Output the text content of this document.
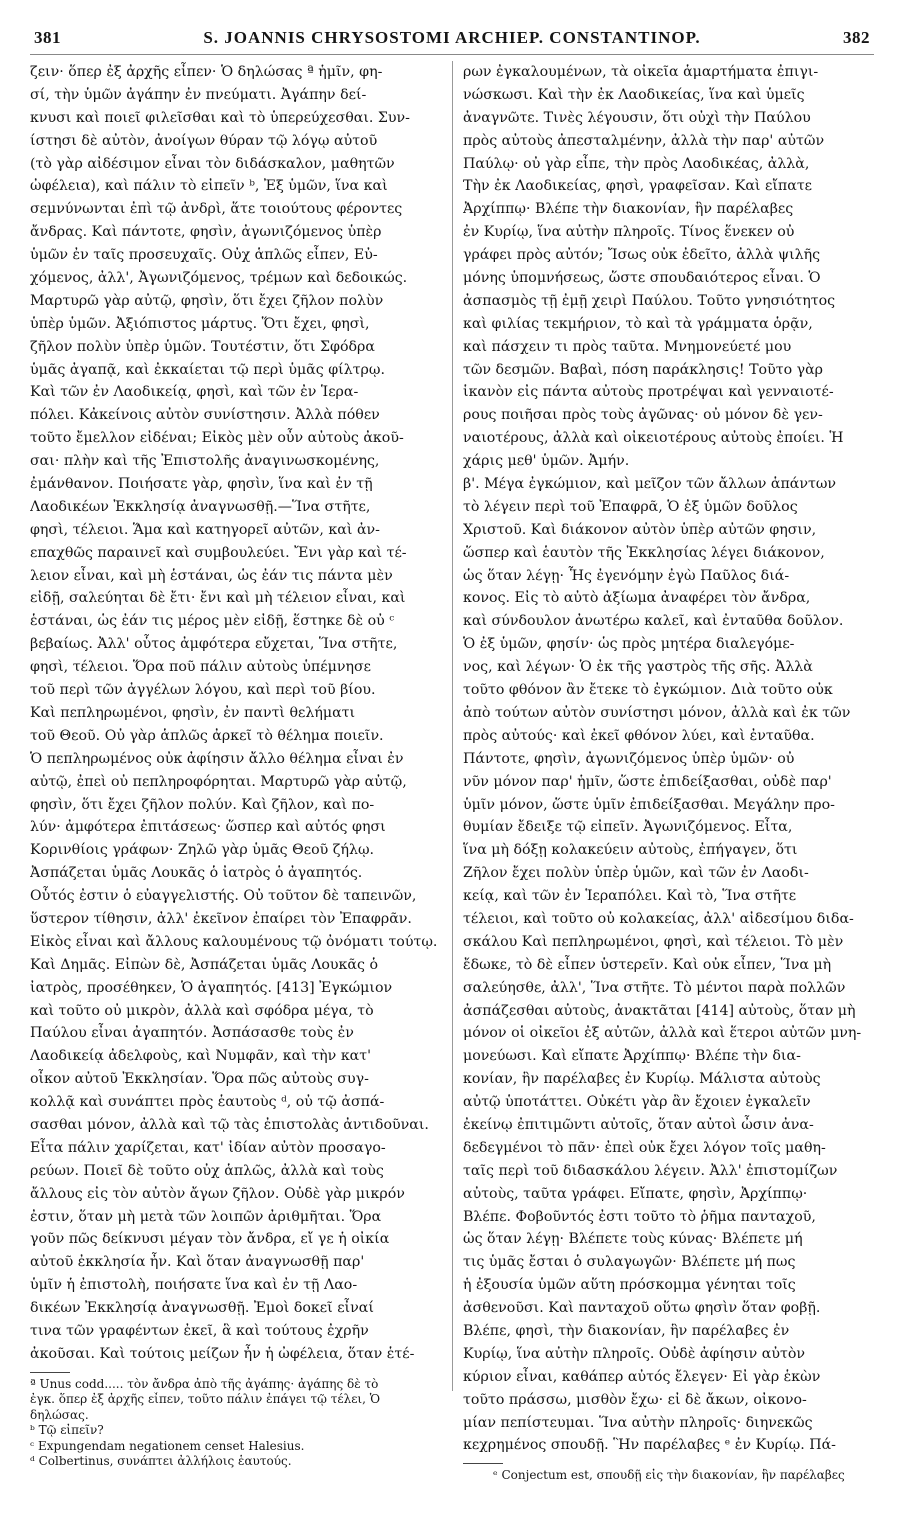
381	S. JOANNIS CHRYSOSTOMI ARCHIEP. CONSTANTINOP.	382
ζειν· ὅπερ ἐξ ἀρχῆς εἶπεν· Ὁ δηλώσας ª ἡμῖν, φη-
σί, τὴν ὑμῶν ἀγάπην ἐν πνεύματι. Ἀγάπην δεί-
κνυσι καὶ ποιεῖ φιλεῖσθαι καὶ τὸ ὑπερεύχεσθαι. Συν-
ίστησι δὲ αὐτὸν, ἀνοίγων θύραν τῷ λόγῳ αὐτοῦ
(τὸ γὰρ αἰδέσιμον εἶναι τὸν διδάσκαλον, μαθητῶν
ὠφέλεια), καὶ πάλιν τὸ εἰπεῖν ᵇ, Ἐξ ὑμῶν, ἵνα καὶ
σεμνύνωνται ἐπὶ τῷ ἀνδρὶ, ἅτε τοιούτους φέροντες
ἄνδρας. Καὶ πάντοτε, φησὶν, ἀγωνιζόμενος ὑπὲρ
ὑμῶν ἐν ταῖς προσευχαῖς. Οὐχ ἁπλῶς εἶπεν, Εὐ-
χόμενος, ἀλλ', Ἀγωνιζόμενος, τρέμων καὶ δεδοικώς.
Μαρτυρῶ γὰρ αὐτῷ, φησὶν, ὅτι ἔχει ζῆλον πολὺν
ὑπὲρ ὑμῶν. Ἀξιόπιστος μάρτυς. Ὅτι ἔχει, φησὶ,
ζῆλον πολὺν ὑπὲρ ὑμῶν. Τουτέστιν, ὅτι Σφόδρα
ὑμᾶς ἀγαπᾷ, καὶ ἐκκαίεται τῷ περὶ ὑμᾶς φίλτρῳ.
Καὶ τῶν ἐν Λαοδικείᾳ, φησὶ, καὶ τῶν ἐν Ἱερα-
πόλει. Κἀκείνοις αὐτὸν συνίστησιν. Ἀλλὰ πόθεν
τοῦτο ἔμελλον εἰδέναι; Εἰκὸς μὲν οὖν αὐτοὺς ἀκοῦ-
σαι· πλὴν καὶ τῆς Ἐπιστολῆς ἀναγινωσκομένης,
ἐμάνθανον. Ποιήσατε γὰρ, φησὶν, ἵνα καὶ ἐν τῇ
Λαοδικέων Ἐκκλησίᾳ ἀναγνωσθῇ.—Ἵνα στῆτε,
φησὶ, τέλειοι. Ἅμα καὶ κατηγορεῖ αὐτῶν, καὶ ἀν-
επαχθῶς παραινεῖ καὶ συμβουλεύει. Ἔνι γὰρ καὶ τέ-
λειον εἶναι, καὶ μὴ ἑστάναι, ὡς ἐάν τις πάντα μὲν
εἰδῇ, σαλεύηται δὲ ἔτι· ἔνι καὶ μὴ τέλειον εἶναι, καὶ
ἑστάναι, ὡς ἐάν τις μέρος μὲν εἰδῇ, ἕστηκε δὲ οὐ ᶜ
βεβαίως. Ἀλλ' οὗτος ἀμφότερα εὔχεται, Ἵνα στῆτε,
φησὶ, τέλειοι. Ὅρα ποῦ πάλιν αὐτοὺς ὑπέμνησε
τοῦ περὶ τῶν ἀγγέλων λόγου, καὶ περὶ τοῦ βίου.
Καὶ πεπληρωμένοι, φησὶν, ἐν παντὶ θελήματι
τοῦ Θεοῦ. Οὐ γὰρ ἁπλῶς ἀρκεῖ τὸ θέλημα ποιεῖν.
Ὁ πεπληρωμένος οὐκ ἀφίησιν ἄλλο θέλημα εἶναι ἐν
αὐτῷ, ἐπεὶ οὐ πεπληροφόρηται. Μαρτυρῶ γὰρ αὐτῷ,
φησὶν, ὅτι ἔχει ζῆλον πολύν. Καὶ ζῆλον, καὶ πο-
λύν· ἀμφότερα ἐπιτάσεως· ὥσπερ καὶ αὐτός φησι
Κορινθίοις γράφων· Ζηλῶ γὰρ ὑμᾶς Θεοῦ ζήλῳ.
Ἀσπάζεται ὑμᾶς Λουκᾶς ὁ ἰατρὸς ὁ ἀγαπητός.
Οὗτός ἐστιν ὁ εὐαγγελιστής. Οὐ τοῦτον δὲ ταπεινῶν,
ὕστερον τίθησιν, ἀλλ' ἐκεῖνον ἐπαίρει τὸν Ἐπαφρᾶν.
Εἰκὸς εἶναι καὶ ἄλλους καλουμένους τῷ ὀνόματι τούτῳ.
Καὶ Δημᾶς. Εἰπὼν δὲ, Ἀσπάζεται ὑμᾶς Λουκᾶς ὁ
ἰατρὸς, προσέθηκεν, Ὁ ἀγαπητός. [413] Ἐγκώμιον
καὶ τοῦτο οὐ μικρὸν, ἀλλὰ καὶ σφόδρα μέγα, τὸ
Παύλου εἶναι ἀγαπητόν. Ἀσπάσασθε τοὺς ἐν
Λαοδικείᾳ ἀδελφοὺς, καὶ Νυμφᾶν, καὶ τὴν κατ'
οἶκον αὐτοῦ Ἐκκλησίαν. Ὅρα πῶς αὐτοὺς συγ-
κολλᾷ καὶ συνάπτει πρὸς ἑαυτοὺς ᵈ, οὐ τῷ ἀσπά-
σασθαι μόνον, ἀλλὰ καὶ τῷ τὰς ἐπιστολὰς ἀντιδοῦναι.
Εἶτα πάλιν χαρίζεται, κατ' ἰδίαν αὐτὸν προσαγο-
ρεύων. Ποιεῖ δὲ τοῦτο οὐχ ἁπλῶς, ἀλλὰ καὶ τοὺς
ἄλλους εἰς τὸν αὐτὸν ἄγων ζῆλον. Οὐδὲ γὰρ μικρόν
ἐστιν, ὅταν μὴ μετὰ τῶν λοιπῶν ἀριθμῆται. Ὅρα
γοῦν πῶς δείκνυσι μέγαν τὸν ἄνδρα, εἴ γε ἡ οἰκία
αὐτοῦ ἐκκλησία ἦν. Καὶ ὅταν ἀναγνωσθῇ παρ'
ὑμῖν ἡ ἐπιστολὴ, ποιήσατε ἵνα καὶ ἐν τῇ Λαο-
δικέων Ἐκκλησίᾳ ἀναγνωσθῇ. Ἐμοὶ δοκεῖ εἶναί
τινα τῶν γραφέντων ἐκεῖ, ἃ καὶ τούτους ἐχρῆν
ἀκοῦσαι. Καὶ τούτοις μείζων ἦν ἡ ὠφέλεια, ὅταν ἑτέ-
ª Unus codd..... τὸν ἄνδρα ἀπὸ τῆς ἀγάπης· ἀγάπης δὲ τὸ
ἐγκ. ὅπερ ἐξ ἀρχῆς εἶπεν, τοῦτο πάλιν ἐπάγει τῷ τέλει, Ὁ
δηλώσας.
ᵇ Τῷ εἰπεῖν?
ᶜ Expungendam negationem censet Halesius.
ᵈ Colbertinus, συνάπτει ἀλλήλοις ἑαυτούς.
ρων ἐγκαλουμένων, τὰ οἰκεῖα ἁμαρτήματα ἐπιγι-
νώσκωσι. Καὶ τὴν ἐκ Λαοδικείας, ἵνα καὶ ὑμεῖς
ἀναγνῶτε. Τινὲς λέγουσιν, ὅτι οὐχὶ τὴν Παύλου
πρὸς αὐτοὺς ἀπεσταλμένην, ἀλλὰ τὴν παρ' αὐτῶν
Παύλῳ· οὐ γὰρ εἶπε, τὴν πρὸς Λαοδικέας, ἀλλὰ,
Τὴν ἐκ Λαοδικείας, φησὶ, γραφεῖσαν. Καὶ εἴπατε
Ἀρχίππῳ· Βλέπε τὴν διακονίαν, ἣν παρέλαβες
ἐν Κυρίῳ, ἵνα αὐτὴν πληροῖς. Τίνος ἕνεκεν οὐ
γράφει πρὸς αὐτόν; Ἴσως οὐκ ἐδεῖτο, ἀλλὰ ψιλῆς
μόνης ὑπομνήσεως, ὥστε σπουδαιότερος εἶναι. Ὁ
ἀσπασμὸς τῇ ἐμῇ χειρὶ Παύλου. Τοῦτο γνησιότητος
καὶ φιλίας τεκμήριον, τὸ καὶ τὰ γράμματα ὁρᾷν,
καὶ πάσχειν τι πρὸς ταῦτα. Μνημονεύετέ μου
τῶν δεσμῶν. Βαβαὶ, πόση παράκλησις! Τοῦτο γὰρ
ἱκανὸν εἰς πάντα αὐτοὺς προτρέψαι καὶ γενναιοτέ-
ρους ποιῆσαι πρὸς τοὺς ἀγῶνας· οὐ μόνον δὲ γεν-
ναιοτέρους, ἀλλὰ καὶ οἰκειοτέρους αὐτοὺς ἐποίει. Ἡ
χάρις μεθ' ὑμῶν. Ἀμήν.
β'. Μέγα ἐγκώμιον, καὶ μεῖζον τῶν ἄλλων ἁπάντων
τὸ λέγειν περὶ τοῦ Ἐπαφρᾶ, Ὁ ἐξ ὑμῶν δοῦλος
Χριστοῦ. Καὶ διάκονον αὐτὸν ὑπὲρ αὐτῶν φησιν,
ὥσπερ καὶ ἑαυτὸν τῆς Ἐκκλησίας λέγει διάκονον,
ὡς ὅταν λέγῃ· Ἧς ἐγενόμην ἐγὼ Παῦλος διά-
κονος. Εἰς τὸ αὐτὸ ἀξίωμα ἀναφέρει τὸν ἄνδρα,
καὶ σύνδουλον ἀνωτέρω καλεῖ, καὶ ἐνταῦθα δοῦλον.
Ὁ ἐξ ὑμῶν, φησίν· ὡς πρὸς μητέρα διαλεγόμε-
νος, καὶ λέγων· Ὁ ἐκ τῆς γαστρὸς τῆς σῆς. Ἀλλὰ
τοῦτο φθόνον ἂν ἔτεκε τὸ ἐγκώμιον. Διὰ τοῦτο οὐκ
ἀπὸ τούτων αὐτὸν συνίστησι μόνον, ἀλλὰ καὶ ἐκ τῶν
πρὸς αὐτούς· καὶ ἐκεῖ φθόνον λύει, καὶ ἐνταῦθα.
Πάντοτε, φησὶν, ἀγωνιζόμενος ὑπὲρ ὑμῶν· οὐ
νῦν μόνον παρ' ἡμῖν, ὥστε ἐπιδείξασθαι, οὐδὲ παρ'
ὑμῖν μόνον, ὥστε ὑμῖν ἐπιδείξασθαι. Μεγάλην προ-
θυμίαν ἔδειξε τῷ εἰπεῖν. Ἀγωνιζόμενος. Εἶτα,
ἵνα μὴ δόξῃ κολακεύειν αὐτοὺς, ἐπήγαγεν, ὅτι
Ζῆλον ἔχει πολὺν ὑπὲρ ὑμῶν, καὶ τῶν ἐν Λαοδι-
κείᾳ, καὶ τῶν ἐν Ἱεραπόλει. Καὶ τὸ, Ἵνα στῆτε
τέλειοι, καὶ τοῦτο οὐ κολακείας, ἀλλ' αἰδεσίμου διδα-
σκάλου Καὶ πεπληρωμένοι, φησὶ, καὶ τέλειοι. Τὸ μὲν
ἔδωκε, τὸ δὲ εἶπεν ὑστερεῖν. Καὶ οὐκ εἶπεν, Ἵνα μὴ
σαλεύησθε, ἀλλ', Ἵνα στῆτε. Τὸ μέντοι παρὰ πολλῶν
ἀσπάζεσθαι αὐτοὺς, ἀνακτᾶται [414] αὐτοὺς, ὅταν μὴ
μόνον οἱ οἰκεῖοι ἐξ αὐτῶν, ἀλλὰ καὶ ἕτεροι αὐτῶν μνη-
μονεύωσι. Καὶ εἴπατε Ἀρχίππῳ· Βλέπε τὴν δια-
κονίαν, ἣν παρέλαβες ἐν Κυρίῳ. Μάλιστα αὐτοὺς
αὐτῷ ὑποτάττει. Οὐκέτι γὰρ ἂν ἔχοιεν ἐγκαλεῖν
ἐκείνῳ ἐπιτιμῶντι αὐτοῖς, ὅταν αὐτοὶ ὦσιν ἀνα-
δεδεγμένοι τὸ πᾶν· ἐπεὶ οὐκ ἔχει λόγον τοῖς μαθη-
ταῖς περὶ τοῦ διδασκάλου λέγειν. Ἀλλ' ἐπιστομίζων
αὐτοὺς, ταῦτα γράφει. Εἴπατε, φησὶν, Ἀρχίππῳ·
Βλέπε. Φοβοῦντός ἐστι τοῦτο τὸ ῥῆμα πανταχοῦ,
ὡς ὅταν λέγῃ· Βλέπετε τοὺς κύνας· Βλέπετε μή
τις ὑμᾶς ἔσται ὁ συλαγωγῶν· Βλέπετε μή πως
ἡ ἐξουσία ὑμῶν αὕτη πρόσκομμα γένηται τοῖς
ἀσθενοῦσι. Καὶ πανταχοῦ οὕτω φησὶν ὅταν φοβῇ.
Βλέπε, φησὶ, τὴν διακονίαν, ἣν παρέλαβες ἐν
Κυρίῳ, ἵνα αὐτὴν πληροῖς. Οὐδὲ ἀφίησιν αὐτὸν
κύριον εἶναι, καθάπερ αὐτός ἔλεγεν· Εἰ γὰρ ἑκὼν
τοῦτο πράσσω, μισθὸν ἔχω· εἰ δὲ ἄκων, οἰκονο-
μίαν πεπίστευμαι. Ἵνα αὐτὴν πληροῖς· διηνεκῶς
κεχρημένος σπουδῇ. Ἣν παρέλαβες ᵉ ἐν Κυρίῳ. Πά-
ᵉ Conjectum est, σπουδῇ εἰς τὴν διακονίαν, ἣν παρέλαβες
